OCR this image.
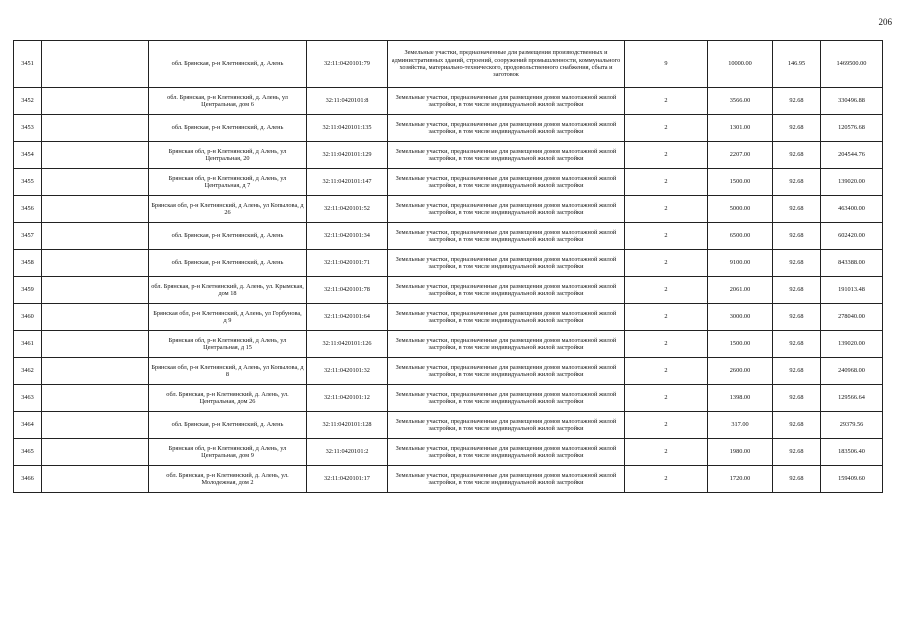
206
3451		обл. Брянская, р-н Клетнянский, д. Алень	32:11:0420101:79	Земельные участки, предназначенные для размещения производственных и административных зданий, строений, сооружений промышленности, коммунального хозяйства, материально-технического, продовольственного снабжения, сбыта и заготовок	9	10000.00	146.95	1469500.00
3452		обл. Брянская, р-н Клетнянский, д. Алень, ул Центральная, дом 6	32:11:0420101:8	Земельные участки, предназначенные для размещения домов малоэтажной жилой застройки, в том числе индивидуальной жилой застройки	2	3566.00	92.68	330496.88
3453		обл. Брянская, р-н Клетнянский, д. Алень	32:11:0420101:135	Земельные участки, предназначенные для размещения домов малоэтажной жилой застройки, в том числе индивидуальной жилой застройки	2	1301.00	92.68	120576.68
3454		Брянская обл, р-н Клетнянский, д Алень, ул Центральная, 20	32:11:0420101:129	Земельные участки, предназначенные для размещения домов малоэтажной жилой застройки, в том числе индивидуальной жилой застройки	2	2207.00	92.68	204544.76
3455		Брянская обл, р-н Клетнянский, д Алень, ул Центральная, д 7	32:11:0420101:147	Земельные участки, предназначенные для размещения домов малоэтажной жилой застройки, в том числе индивидуальной жилой застройки	2	1500.00	92.68	139020.00
3456		Брянская обл, р-н Клетнянский, д Алень, ул Копылова, д 26	32:11:0420101:52	Земельные участки, предназначенные для размещения домов малоэтажной жилой застройки, в том числе индивидуальной жилой застройки	2	5000.00	92.68	463400.00
3457		обл. Брянская, р-н Клетнянский, д. Алень	32:11:0420101:34	Земельные участки, предназначенные для размещения домов малоэтажной жилой застройки, в том числе индивидуальной жилой застройки	2	6500.00	92.68	602420.00
3458		обл. Брянская, р-н Клетнянский, д. Алень	32:11:0420101:71	Земельные участки, предназначенные для размещения домов малоэтажной жилой застройки, в том числе индивидуальной жилой застройки	2	9100.00	92.68	843388.00
3459		обл. Брянская, р-н Клетнянский, д. Алень, ул. Крымская, дом 18	32:11:0420101:78	Земельные участки, предназначенные для размещения домов малоэтажной жилой застройки, в том числе индивидуальной жилой застройки	2	2061.00	92.68	191013.48
3460		Брянская обл, р-н Клетнянский, д Алень, ул Горбунова, д 9	32:11:0420101:64	Земельные участки, предназначенные для размещения домов малоэтажной жилой застройки, в том числе индивидуальной жилой застройки	2	3000.00	92.68	278040.00
3461		Брянская обл, р-н Клетнянский, д Алень, ул Центральная, д 15	32:11:0420101:126	Земельные участки, предназначенные для размещения домов малоэтажной жилой застройки, в том числе индивидуальной жилой застройки	2	1500.00	92.68	139020.00
3462		Брянская обл, р-н Клетнянский, д Алень, ул Копылова, д 8	32:11:0420101:32	Земельные участки, предназначенные для размещения домов малоэтажной жилой застройки, в том числе индивидуальной жилой застройки	2	2600.00	92.68	240968.00
3463		обл. Брянская, р-н Клетнянский, д. Алень, ул. Центральная, дом 26	32:11:0420101:12	Земельные участки, предназначенные для размещения домов малоэтажной жилой застройки, в том числе индивидуальной жилой застройки	2	1398.00	92.68	129566.64
3464		обл. Брянская, р-н Клетнянский, д. Алень	32:11:0420101:128	Земельные участки, предназначенные для размещения домов малоэтажной жилой застройки, в том числе индивидуальной жилой застройки	2	317.00	92.68	29379.56
3465		Брянская обл, р-н Клетнянский, д Алень, ул Центральная, дом 9	32:11:0420101:2	Земельные участки, предназначенные для размещения домов малоэтажной жилой застройки, в том числе индивидуальной жилой застройки	2	1980.00	92.68	183506.40
3466		обл. Брянская, р-н Клетнянский, д. Алень, ул. Молодежная, дом 2	32:11:0420101:17	Земельные участки, предназначенные для размещения домов малоэтажной жилой застройки, в том числе индивидуальной жилой застройки	2	1720.00	92.68	159409.60
